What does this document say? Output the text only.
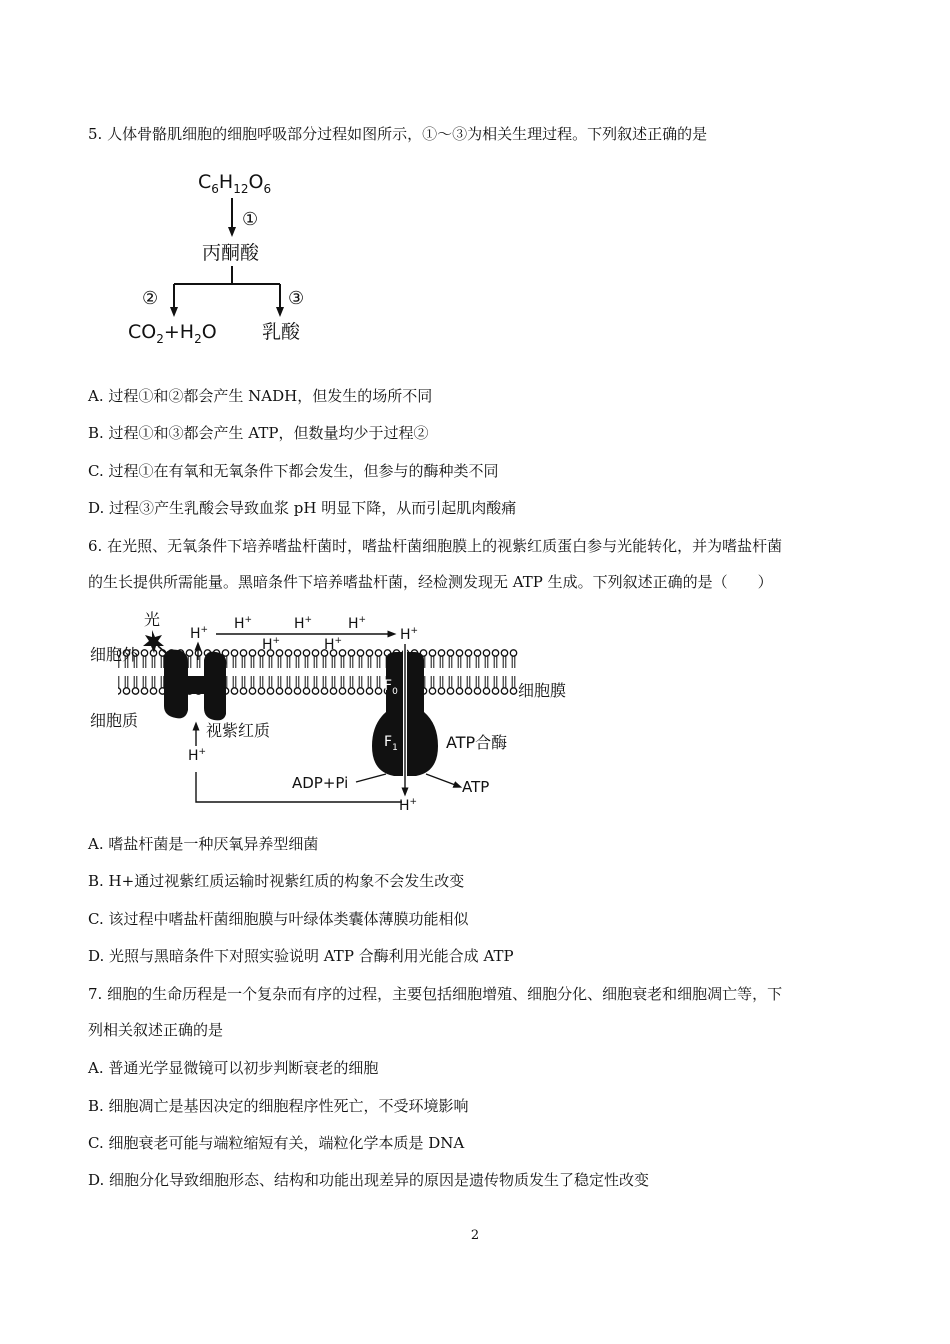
5. 人体骨骼肌细胞的细胞呼吸部分过程如图所示，①～③为相关生理过程。下列叙述正确的是
$C_6H_{12}O_6$
①
丙酮酸
②	③
$CO_2+H_2O$ 乳酸
A. 过程①和②都会产生 NADH，但发生的场所不同
B. 过程①和③都会产生 ATP，但数量均少于过程②
C. 过程①在有氧和无氧条件下都会发生，但参与的酶种类不同
D. 过程③产生乳酸会导致血浆 pH 明显下降，从而引起肌肉酸痛
6. 在光照、无氧条件下培养嗜盐杆菌时，嗜盐杆菌细胞膜上的视紫红质蛋白参与光能转化，并为嗜盐杆菌
的生长提供所需能量。黑暗条件下培养嗜盐杆菌，经检测发现无 ATP 生成。下列叙述正确的是（　　）
光
细胞外
细胞质
视紫红质
H+ H+	H+	H+
H+	H+	H+
$F_0$
$F_1$
细胞膜
ATP合酶
ADP+Pi	ATP
H+
H+
A. 嗜盐杆菌是一种厌氧异养型细菌
B. H+通过视紫红质运输时视紫红质的构象不会发生改变
C. 该过程中嗜盐杆菌细胞膜与叶绿体类囊体薄膜功能相似
D. 光照与黑暗条件下对照实验说明 ATP 合酶利用光能合成 ATP
7. 细胞的生命历程是一个复杂而有序的过程，主要包括细胞增殖、细胞分化、细胞衰老和细胞凋亡等，下
列相关叙述正确的是
A. 普通光学显微镜可以初步判断衰老的细胞
B. 细胞凋亡是基因决定的细胞程序性死亡，不受环境影响
C. 细胞衰老可能与端粒缩短有关，端粒化学本质是 DNA
D. 细胞分化导致细胞形态、结构和功能出现差异的原因是遗传物质发生了稳定性改变
2
